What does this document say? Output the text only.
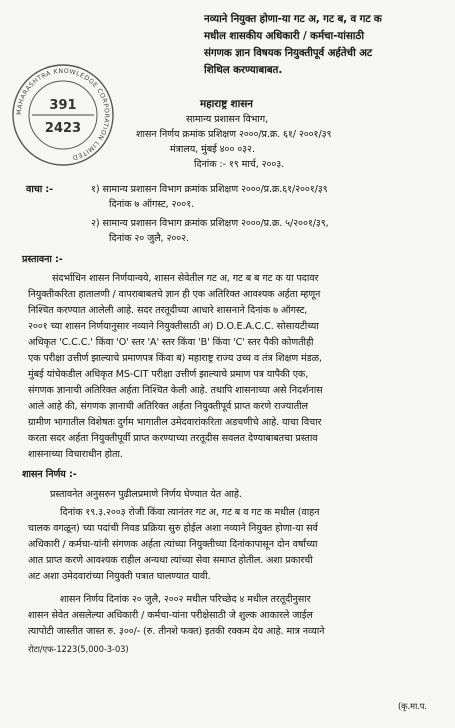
नव्याने नियुक्त होणा-या गट अ, गट ब, व गट क
मधील शासकीय अधिकारी / कर्मचा-यांसाठी
संगणक ज्ञान विषयक नियुक्तीपूर्व अर्हतेची अट
शिथिल करण्याबाबत.
MAHARASHTRA KNOWLEDGE CORPORATION LIMITED
391
2423
महाराष्ट्र शासन
सामान्य प्रशासन विभाग,
शासन निर्णय क्रमांक प्रशिक्षण २०००/प्र.क्र. ६१/ २००१/३९
मंत्रालय, मुंबई ४०० ०३२.
दिनांक :- १९ मार्च, २००३.
वाचा :-	१) सामान्य प्रशासन विभाग क्रमांक प्रशिक्षण २०००/प्र.क्र.६१/२००१/३९
दिनांक ७ ऑगस्ट, २००१.
२) सामान्य प्रशासन विभाग क्रमांक प्रशिक्षण २०००/प्र.क्र. ५/२००१/३९,
दिनांक २० जुलै, २००२.
प्रस्तावना :-
संदर्भाधिन शासन निर्णयान्वये, शासन सेवेतील गट अ, गट ब ब गट क या पदावर
नियुक्तीकरिता हातालणी / वापराबाबतचे ज्ञान ही एक अतिरिक्त आवश्यक अर्हता म्हणून
निश्चित करण्यात आलेली आहे. सदर तरतूदीच्या आधारे शासनाने दिनांक ७ ऑगस्ट,
२००१ च्या शासन निर्णयानुसार नव्याने नियुक्तीसाठी अ) D.O.E.A.C.C. सोसायटीच्या
अधिकृत 'C.C.C.' किंवा 'O' स्तर 'A' स्तर किंवा 'B' किंवा 'C' स्तर पैकी कोणतीही
एक परीक्षा उत्तीर्ण झाल्याचे प्रमाणपत्र किंवा ब) महाराष्ट्र राज्य उच्च व तंत्र शिक्षण मंडळ,
मुंबई यांचेकडील अधिकृत MS-CIT परीक्षा उत्तीर्ण झाल्याचे प्रमाण पत्र यापैकी एक,
संगणक ज्ञानाची अतिरिक्त अर्हता निश्चित केली आहे. तथापि शासनाच्या असे निदर्शनास
आले आहे की, संगणक ज्ञानाची अतिरिक्त अर्हता नियुक्तीपूर्व प्राप्त करणे राज्यातील
ग्रामीण भागातील विशेषतः दुर्गम भागातील उमेदवारांकरिता अडचणीचे आहे. याचा विचार
करता सदर अर्हता नियुक्तीपूर्वी प्राप्त करण्याच्या तरतूदीस सवलत देण्याबाबतचा प्रस्ताव
शासनाच्या विचाराधीन होता.
शासन निर्णय :-
प्रस्तावनेत अनुसरुन पुढीलप्रमाणे निर्णय घेण्यात येत आहे.
दिनांक १९.३.२००३ रोजी किंवा त्यानंतर गट अ, गट ब व गट क मधील (वाहन
चालक वगळून) च्या पदांची निवड प्रक्रिया सुरु होईल अशा नव्याने नियुक्त होणा-या सर्व
अधिकारी / कर्मचा-यांनी संगणक अर्हता त्यांच्या नियुक्तीच्या दिनांकापासून दोन वर्षांच्या
आत प्राप्त करणे आवश्यक राहील अन्यथा त्यांच्या सेवा समाप्त होतील. अशा प्रकारची
अट अशा उमेदवारांच्या नियुक्ती पत्रात घालण्यात यावी.
शासन निर्णय दिनांक २० जुलै, २००२ मधील परिच्छेद ४ मधील तरतूदीनुसार
शासन सेवेत असलेल्या अधिकारी / कर्मचा-यांना परीक्षेसाठी जे शुल्क आकारले जाईल
त्यापोटी जास्तीत जास्त रु. ३००/- (रु. तीनशे फक्त) इतकी रक्कम देय आहे. मात्र नव्याने
रोटा/एफ-1223(5,000-3-03)
(कृ.मा.प.
